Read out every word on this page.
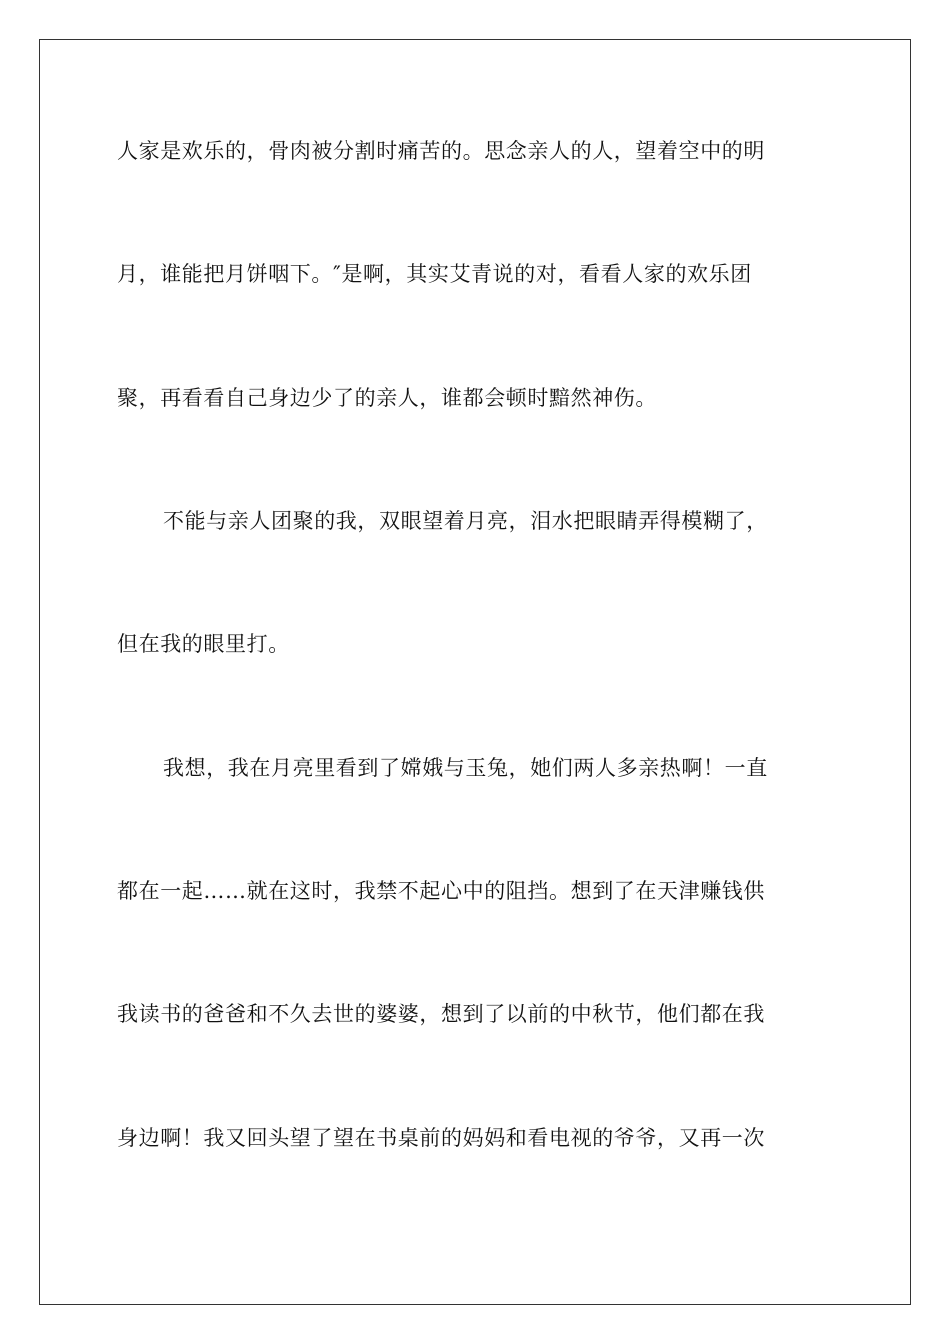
人家是欢乐的，骨肉被分割时痛苦的。思念亲人的人，望着空中的明
月，谁能把月饼咽下。″是啊，其实艾青说的对，看看人家的欢乐团
聚，再看看自己身边少了的亲人，谁都会顿时黯然神伤。
不能与亲人团聚的我，双眼望着月亮，泪水把眼睛弄得模糊了，
但在我的眼里打。
我想，我在月亮里看到了嫦娥与玉兔，她们两人多亲热啊！一直
都在一起……就在这时，我禁不起心中的阻挡。想到了在天津赚钱供
我读书的爸爸和不久去世的婆婆，想到了以前的中秋节，他们都在我
身边啊！我又回头望了望在书桌前的妈妈和看电视的爷爷，又再一次
